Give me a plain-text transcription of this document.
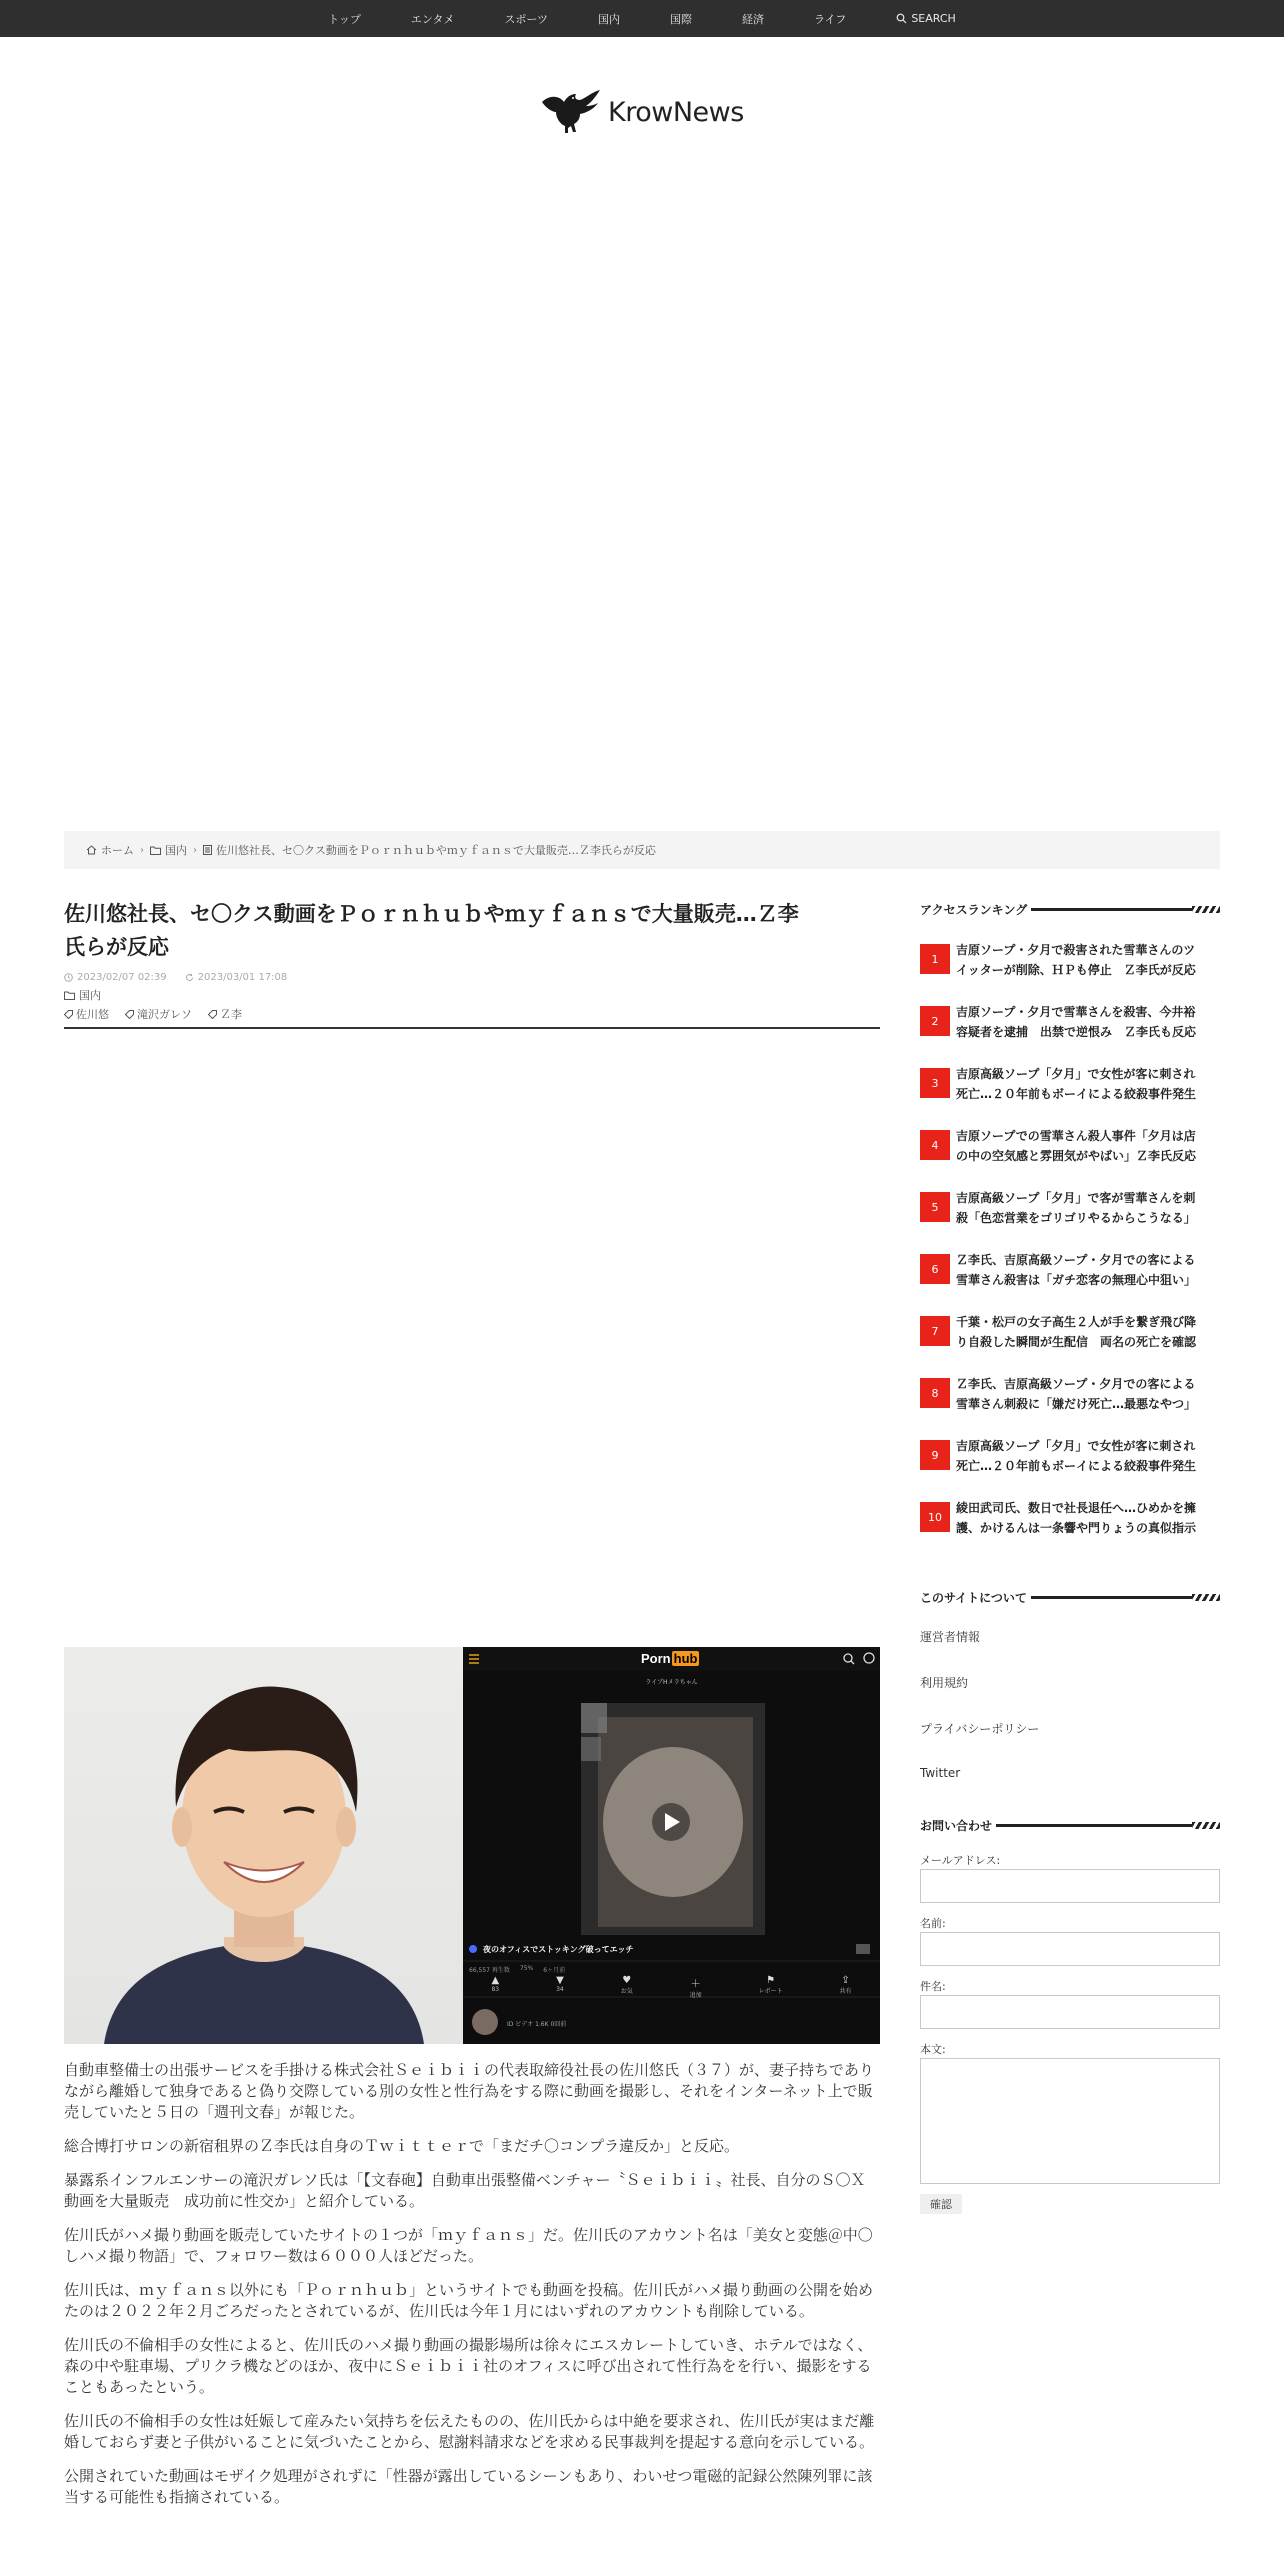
トップ	エンタメ	スポーツ	国内	国際	経済	ライフ	SEARCH
KrowNews
ホーム › 国内 › 佐川悠社長、セ〇クス動画をＰｏｒｎｈｕｂやｍｙｆａｎｓで大量販売…Ｚ李氏らが反応
佐川悠社長、セ〇クス動画をＰｏｒｎｈｕｂやｍｙｆａｎｓで大量販売…Ｚ李
氏らが反応
2023/02/07 02:39	2023/03/01 17:08
国内
佐川悠	滝沢ガレソ	Ｚ李
Porn hub
ライブHメラちゃん
夜のオフィスでストッキング破ってエッチ
66,557 再生数 75% 6ヶ月前
▲
83
▼
34
♥
お気
＋
追加
⚑
レポート
⇪
共有
ID ビデオ 1.6K 0回前

自動車整備士の出張サービスを手掛ける株式会社Ｓｅｉｂｉｉの代表取締役社長の佐川悠氏（３７）が、妻子持ちでありながら離婚して独身であると偽り交際している別の女性と性行為をする際に動画を撮影し、それをインターネット上で販売していたと５日の「週刊文春」が報じた。

総合博打サロンの新宿租界のＺ李氏は自身のＴｗｉｔｔｅｒで「まだチ〇コンプラ違反か」と反応。

暴露系インフルエンサーの滝沢ガレソ氏は「【文春砲】自動車出張整備ベンチャー〝Ｓｅｉｂｉｉ〟社長、自分のＳ〇Ｘ動画を大量販売　成功前に性交か」と紹介している。

佐川氏がハメ撮り動画を販売していたサイトの１つが「ｍｙｆａｎｓ」だ。佐川氏のアカウント名は「美女と変態＠中〇しハメ撮り物語」で、フォロワー数は６０００人ほどだった。

佐川氏は、ｍｙｆａｎｓ以外にも「Ｐｏｒｎｈｕｂ」というサイトでも動画を投稿。佐川氏がハメ撮り動画の公開を始めたのは２０２２年２月ごろだったとされているが、佐川氏は今年１月にはいずれのアカウントも削除している。

佐川氏の不倫相手の女性によると、佐川氏のハメ撮り動画の撮影場所は徐々にエスカレートしていき、ホテルではなく、森の中や駐車場、プリクラ機などのほか、夜中にＳｅｉｂｉｉ社のオフィスに呼び出されて性行為をを行い、撮影をすることもあったという。

佐川氏の不倫相手の女性は妊娠して産みたい気持ちを伝えたものの、佐川氏からは中絶を要求され、佐川氏が実はまだ離婚しておらず妻と子供がいることに気づいたことから、慰謝料請求などを求める民事裁判を提起する意向を示している。

公開されていた動画はモザイク処理がされずに「性器が露出しているシーンもあり、わいせつ電磁的記録公然陳列罪に該当する可能性も指摘されている。

アクセスランキング
1
吉原ソープ・夕月で殺害された雪華さんのツ
イッターが削除、ＨＰも停止　Ｚ李氏が反応
2
吉原ソープ・夕月で雪華さんを殺害、今井裕
容疑者を逮捕　出禁で逆恨み　Ｚ李氏も反応
3
吉原高級ソープ「夕月」で女性が客に刺され
死亡…２０年前もボーイによる絞殺事件発生
4
吉原ソープでの雪華さん殺人事件「夕月は店
の中の空気感と雰囲気がやばい」Ｚ李氏反応
5
吉原高級ソープ「夕月」で客が雪華さんを刺
殺「色恋営業をゴリゴリやるからこうなる」
6
Ｚ李氏、吉原高級ソープ・夕月での客による
雪華さん殺害は「ガチ恋客の無理心中狙い」
7
千葉・松戸の女子高生２人が手を繋ぎ飛び降
り自殺した瞬間が生配信　両名の死亡を確認
8
Ｚ李氏、吉原高級ソープ・夕月での客による
雪華さん刺殺に「嫌だけ死亡…最悪なやつ」
9
吉原高級ソープ「夕月」で女性が客に刺され
死亡…２０年前もボーイによる絞殺事件発生
10
綾田武司氏、数日で社長退任へ…ひめかを擁
護、かけるんは一条響や門りょうの真似指示
このサイトについて
運営者情報
利用規約
プライバシーポリシー
Twitter
お問い合わせ
メールアドレス:
名前:
件名:
本文:
確認
